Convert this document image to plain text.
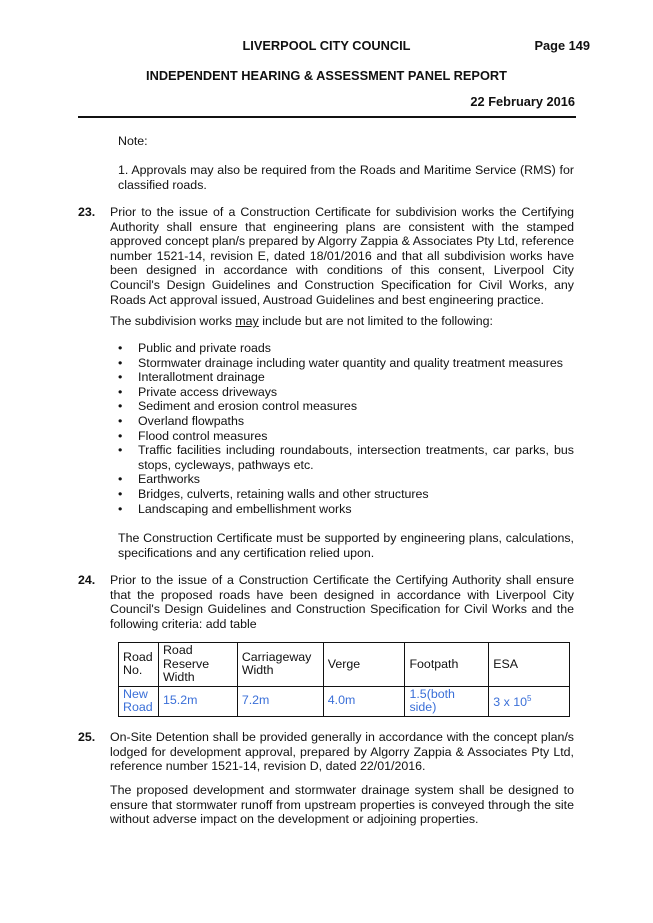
LIVERPOOL CITY COUNCIL	Page 149
INDEPENDENT HEARING & ASSESSMENT PANEL REPORT
22 February 2016
Note:
1. Approvals may also be required from the Roads and Maritime Service (RMS) for classified roads.
23. Prior to the issue of a Construction Certificate for subdivision works the Certifying Authority shall ensure that engineering plans are consistent with the stamped approved concept plan/s prepared by Algorry Zappia & Associates Pty Ltd, reference number 1521-14, revision E, dated 18/01/2016 and that all subdivision works have been designed in accordance with conditions of this consent, Liverpool City Council's Design Guidelines and Construction Specification for Civil Works, any Roads Act approval issued, Austroad Guidelines and best engineering practice.
The subdivision works may include but are not limited to the following:
• Public and private roads
• Stormwater drainage including water quantity and quality treatment measures
• Interallotment drainage
• Private access driveways
• Sediment and erosion control measures
• Overland flowpaths
• Flood control measures
• Traffic facilities including roundabouts, intersection treatments, car parks, bus stops, cycleways, pathways etc.
• Earthworks
• Bridges, culverts, retaining walls and other structures
• Landscaping and embellishment works
The Construction Certificate must be supported by engineering plans, calculations, specifications and any certification relied upon.
24. Prior to the issue of a Construction Certificate the Certifying Authority shall ensure that the proposed roads have been designed in accordance with Liverpool City Council's Design Guidelines and Construction Specification for Civil Works and the following criteria: add table
Road No.	Road Reserve Width	Carriageway Width	Verge	Footpath	ESA
New Road	15.2m	7.2m	4.0m	1.5(both side)	3 x $10^5$
25. On-Site Detention shall be provided generally in accordance with the concept plan/s lodged for development approval, prepared by Algorry Zappia & Associates Pty Ltd, reference number 1521-14, revision D, dated 22/01/2016.
The proposed development and stormwater drainage system shall be designed to ensure that stormwater runoff from upstream properties is conveyed through the site without adverse impact on the development or adjoining properties.
